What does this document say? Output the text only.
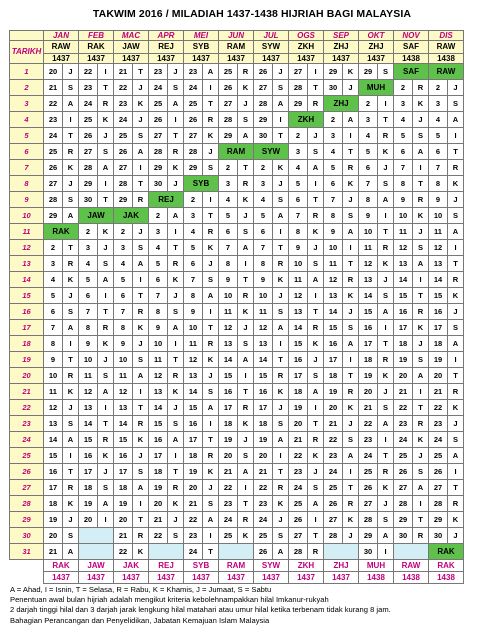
TAKWIM 2016 / MILADIAH 1437-1438 HIJRIAH BAGI MALAYSIA
	JAN		FEB		MAC		APR		MEI		JUN		JUL		OGS		SEP		OKT		NOV		DIS	
TARIKH	RAW		RAK		JAW		REJ		SYB		RAM		SYW		ZKH		ZHJ		ZHJ		SAF		RAW	
	1437		1437		1437		1437		1437		1437		1437		1437		1437		1437		1438		1438	
1	20	J	22	I	21	T	23	J	23	A	25	R	26	J	27	I	29	K	29	S	SAF		RAW	
2	21	S	23	T	22	J	24	S	24	I	26	K	27	S	28	T	30	J	MUH		2	R	2	J
3	22	A	24	R	23	K	25	A	25	T	27	J	28	A	29	R	ZHJ		2	I	3	K	3	S
4	23	I	25	K	24	J	26	I	26	R	28	S	29	I	ZKH		2	A	3	T	4	J	4	A
5	24	T	26	J	25	S	27	T	27	K	29	A	30	T	2	J	3	I	4	R	5	S	5	I
6	25	R	27	S	26	A	28	R	28	J	RAM		SYW		3	S	4	T	5	K	6	A	6	T
7	26	K	28	A	27	I	29	K	29	S	2	T	2	K	4	A	5	R	6	J	7	I	7	R
8	27	J	29	I	28	T	30	J	SYB		3	R	3	J	5	I	6	K	7	S	8	T	8	K
9	28	S	30	T	29	R	REJ		2	I	4	K	4	S	6	T	7	J	8	A	9	R	9	J
10	29	A	JAW		JAK		2	A	3	T	5	J	5	A	7	R	8	S	9	I	10	K	10	S
11	RAK		2	K	2	J	3	I	4	R	6	S	6	I	8	K	9	A	10	T	11	J	11	A
12	2	T	3	J	3	S	4	T	5	K	7	A	7	T	9	J	10	I	11	R	12	S	12	I
13	3	R	4	S	4	A	5	R	6	J	8	I	8	R	10	S	11	T	12	K	13	A	13	T
14	4	K	5	A	5	I	6	K	7	S	9	T	9	K	11	A	12	R	13	J	14	I	14	R
15	5	J	6	I	6	T	7	J	8	A	10	R	10	J	12	I	13	K	14	S	15	T	15	K
16	6	S	7	T	7	R	8	S	9	I	11	K	11	S	13	T	14	J	15	A	16	R	16	J
17	7	A	8	R	8	K	9	A	10	T	12	J	12	A	14	R	15	S	16	I	17	K	17	S
18	8	I	9	K	9	J	10	I	11	R	13	S	13	I	15	K	16	A	17	T	18	J	18	A
19	9	T	10	J	10	S	11	T	12	K	14	A	14	T	16	J	17	I	18	R	19	S	19	I
20	10	R	11	S	11	A	12	R	13	J	15	I	15	R	17	S	18	T	19	K	20	A	20	T
21	11	K	12	A	12	I	13	K	14	S	16	T	16	K	18	A	19	R	20	J	21	I	21	R
22	12	J	13	I	13	T	14	J	15	A	17	R	17	J	19	I	20	K	21	S	22	T	22	K
23	13	S	14	T	14	R	15	S	16	I	18	K	18	S	20	T	21	J	22	A	23	R	23	J
24	14	A	15	R	15	K	16	A	17	T	19	J	19	A	21	R	22	S	23	I	24	K	24	S
25	15	I	16	K	16	J	17	I	18	R	20	S	20	I	22	K	23	A	24	T	25	J	25	A
26	16	T	17	J	17	S	18	T	19	K	21	A	21	T	23	J	24	I	25	R	26	S	26	I
27	17	R	18	S	18	A	19	R	20	J	22	I	22	R	24	S	25	T	26	K	27	A	27	T
28	18	K	19	A	19	I	20	K	21	S	23	T	23	K	25	A	26	R	27	J	28	I	28	R
29	19	J	20	I	20	T	21	J	22	A	24	R	24	J	26	I	27	K	28	S	29	T	29	K
30	20	S			21	R	22	S	23	I	25	K	25	S	27	T	28	J	29	A	30	R	30	J
31	21	A			22	K			24	T			26	A	28	R			30	I			RAK	
	RAK		JAW		JAK		REJ		SYB		RAM		SYW		ZKH		ZHJ		MUH		RAW		RAK	
	1437		1437		1437		1437		1437		1437		1437		1437		1437		1438		1438		1438	
A = Ahad, I = Isnin, T = Selasa, R = Rabu, K = Khamis, J = Jumaat, S = Sabtu
Penentuan awal bulan hijriah adalah mengikut kriteria kebolehnampakkan hilal Imkanur-rukyah
2 darjah tinggi hilal dan 3 darjah jarak lengkung hilal matahari atau umur hilal ketika terbenam tidak kurang 8 jam.
Bahagian Perancangan dan Penyelidikan, Jabatan Kemajuan Islam Malaysia
